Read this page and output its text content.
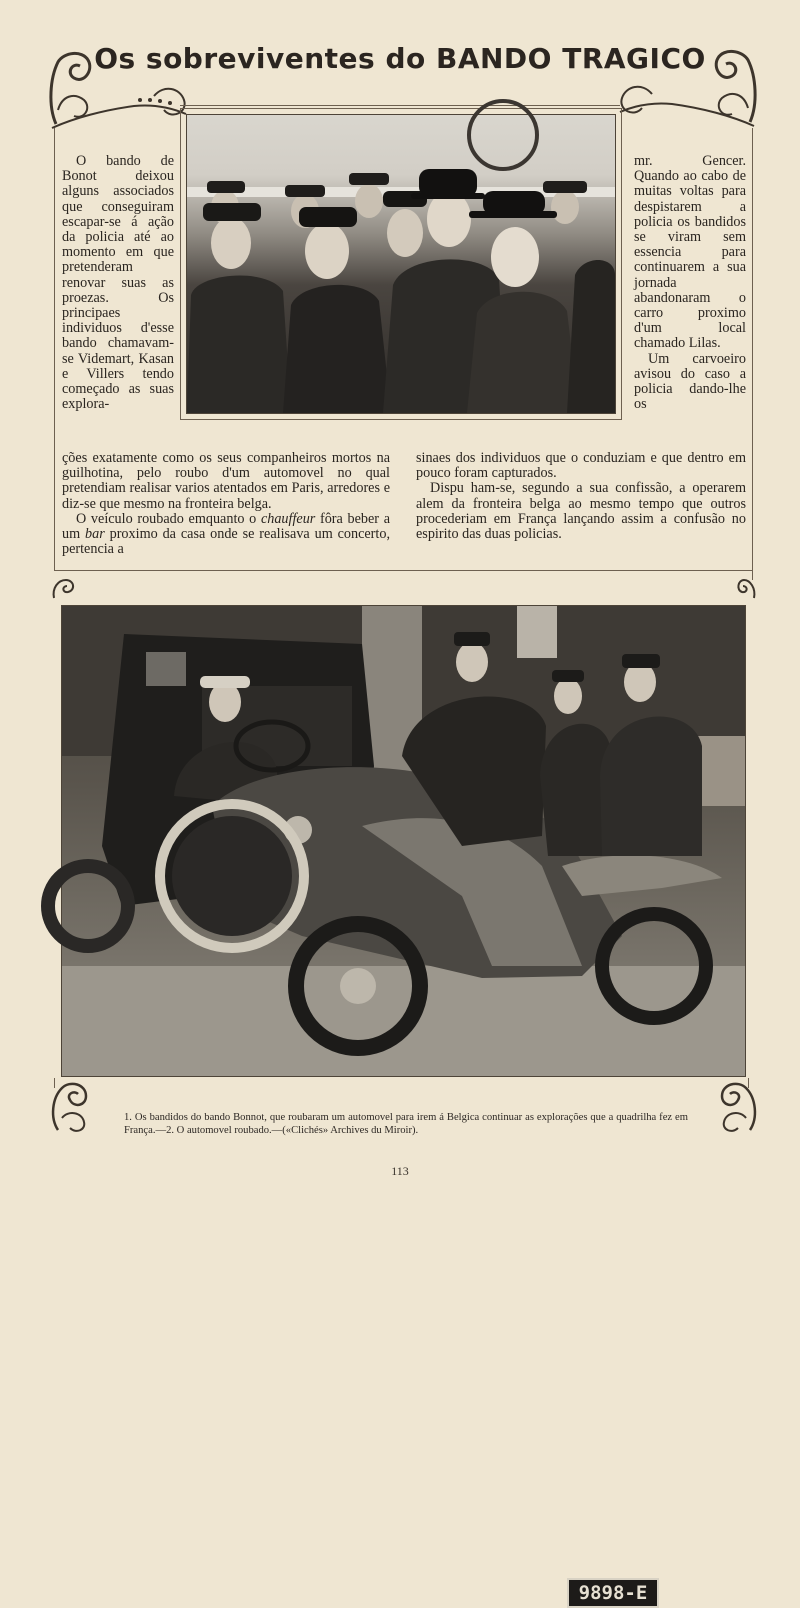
Os sobreviventes do BANDO TRAGICO

O bando de Bonot deixou alguns associados que conseguiram escapar-se á ação da policia até ao momento em que pretenderam renovar suas as proezas. Os principaes individuos d'esse bando chamavam-se Videmart, Kasan e Villers tendo começado as suas explora-

mr. Gencer. Quando ao cabo de muitas voltas para despistarem a policia os bandidos se viram sem essencia para continuarem a sua jornada abandonaram o carro proximo d'um local chamado Lilas.

Um carvoeiro avisou do caso a policia dando-lhe os

ções exatamente como os seus companheiros mortos na guilhotina, pelo roubo d'um automovel no qual pretendiam realisar varios atentados em Paris, arredores e diz-se que mesmo na fronteira belga.

O veículo roubado emquanto o chauffeur fôra beber a um bar proximo da casa onde se realisava um concerto, pertencia a

sinaes dos individuos que o conduziam e que dentro em pouco foram capturados.

Dispu ham-se, segundo a sua confissão, a operarem alem da fronteira belga ao mesmo tempo que outros procederiam em França lançando assim a confusão no espirito das duas policias.

9898-E
1. Os bandidos do bando Bonnot, que roubaram um automovel para irem á Belgica continuar as explorações que a quadrilha fez em França.—2. O automovel roubado.—(«Clichés» Archives du Miroir).
113
